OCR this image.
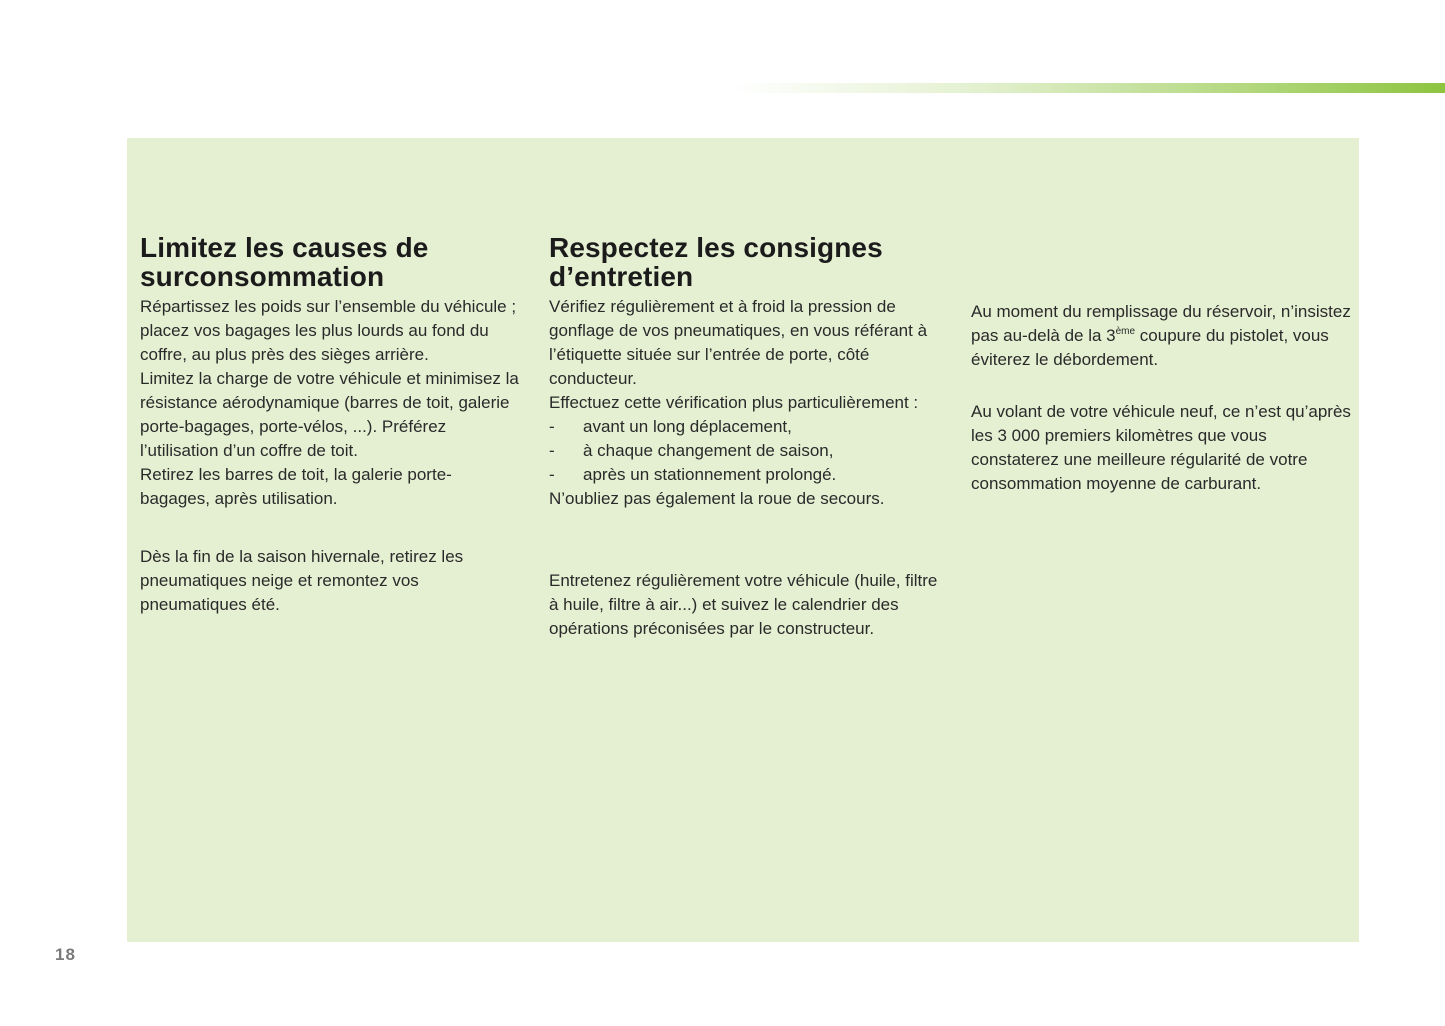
Limitez les causes de
surconsommation

Répartissez les poids sur l’ensemble du véhicule ; placez vos bagages les plus lourds au fond du coffre, au plus près des sièges arrière.

Limitez la charge de votre véhicule et minimisez la résistance aérodynamique (barres de toit, galerie porte-bagages, porte-vélos, ...). Préférez l’utilisation d’un coffre de toit.

Retirez les barres de toit, la galerie porte-bagages, après utilisation.

Dès la fin de la saison hivernale, retirez les pneumatiques neige et remontez vos pneumatiques été.

Respectez les consignes
d’entretien

Vérifiez régulièrement et à froid la pression de gonflage de vos pneumatiques, en vous référant à l’étiquette située sur l’entrée de porte, côté conducteur.

Effectuez cette vérification plus particulièrement :

- avant un long déplacement,
- à chaque changement de saison,
- après un stationnement prolongé.

N’oubliez pas également la roue de secours.

Entretenez régulièrement votre véhicule (huile, filtre à huile, filtre à air...) et suivez le calendrier des opérations préconisées par le constructeur.

Au moment du remplissage du réservoir, n’insistez pas au-delà de la 3ème coupure du pistolet, vous éviterez le débordement.

Au volant de votre véhicule neuf, ce n’est qu’après les 3 000 premiers kilomètres que vous constaterez une meilleure régularité de votre consommation moyenne de carburant.

18
